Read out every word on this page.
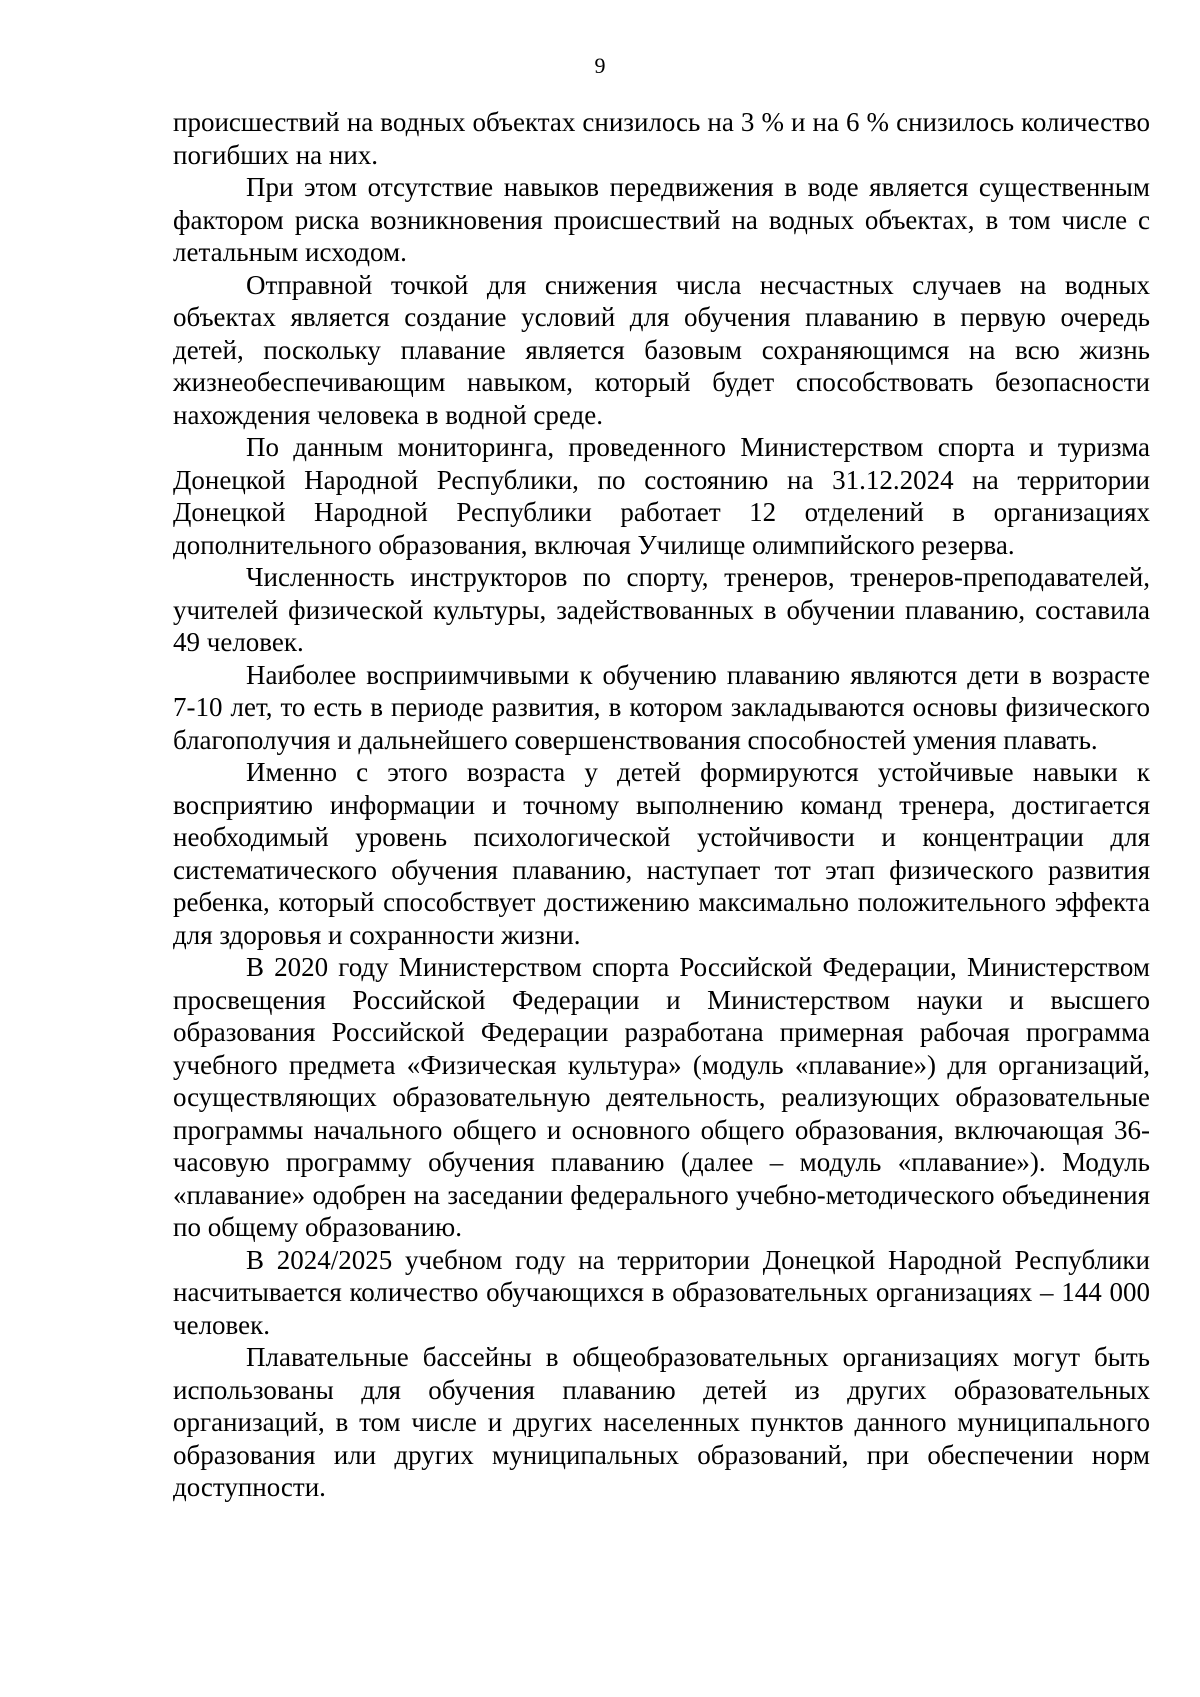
9

происшествий на водных объектах снизилось на 3 % и на 6 % снизилось количество погибших на них.

При этом отсутствие навыков передвижения в воде является существенным фактором риска возникновения происшествий на водных объектах, в том числе с летальным исходом.

Отправной точкой для снижения числа несчастных случаев на водных объектах является создание условий для обучения плаванию в первую очередь детей, поскольку плавание является базовым сохраняющимся на всю жизнь жизнеобеспечивающим навыком, который будет способствовать безопасности нахождения человека в водной среде.

По данным мониторинга, проведенного Министерством спорта и туризма Донецкой Народной Республики, по состоянию на 31.12.2024 на территории Донецкой Народной Республики работает 12 отделений в организациях дополнительного образования, включая Училище олимпийского резерва.

Численность инструкторов по спорту, тренеров, тренеров-преподавателей, учителей физической культуры, задействованных в обучении плаванию, составила 49 человек.

Наиболее восприимчивыми к обучению плаванию являются дети в возрасте 7-10 лет, то есть в периоде развития, в котором закладываются основы физического благополучия и дальнейшего совершенствования способностей умения плавать.

Именно с этого возраста у детей формируются устойчивые навыки к восприятию информации и точному выполнению команд тренера, достигается необходимый уровень психологической устойчивости и концентрации для систематического обучения плаванию, наступает тот этап физического развития ребенка, который способствует достижению максимально положительного эффекта для здоровья и сохранности жизни.

В 2020 году Министерством спорта Российской Федерации, Министерством просвещения Российской Федерации и Министерством науки и высшего образования Российской Федерации разработана примерная рабочая программа учебного предмета «Физическая культура» (модуль «плавание») для организаций, осуществляющих образовательную деятельность, реализующих образовательные программы начального общего и основного общего образования, включающая 36-часовую программу обучения плаванию (далее – модуль «плавание»). Модуль «плавание» одобрен на заседании федерального учебно-методического объединения по общему образованию.

В 2024/2025 учебном году на территории Донецкой Народной Республики насчитывается количество обучающихся в образовательных организациях – 144 000 человек.

Плавательные бассейны в общеобразовательных организациях могут быть использованы для обучения плаванию детей из других образовательных организаций, в том числе и других населенных пунктов данного муниципального образования или других муниципальных образований, при обеспечении норм доступности.
